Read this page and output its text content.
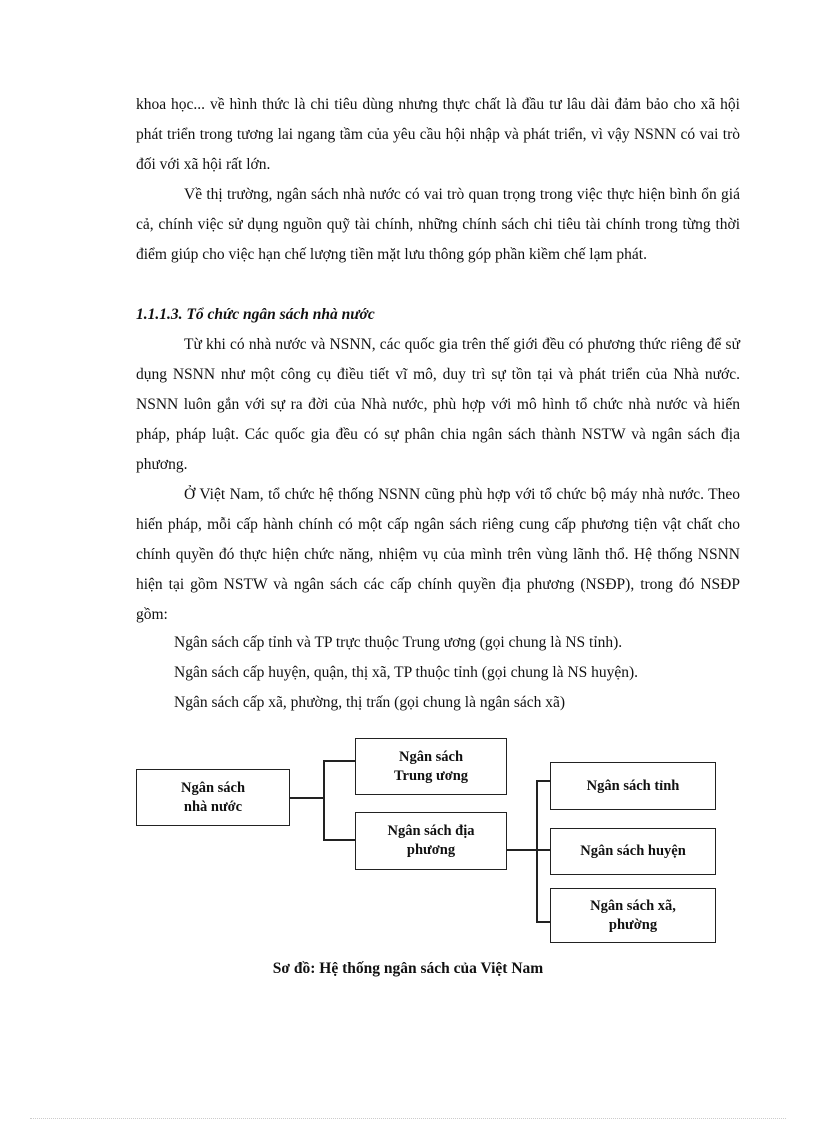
khoa học... về hình thức là chi tiêu dùng nhưng thực chất là đầu tư lâu dài đảm bảo cho xã hội phát triển trong tương lai ngang tầm của yêu cầu hội nhập và phát triển, vì vậy NSNN có vai trò đối với xã hội rất lớn.

Về thị trường, ngân sách nhà nước có vai trò quan trọng trong việc thực hiện bình ổn giá cả, chính việc sử dụng nguồn quỹ tài chính, những chính sách chi tiêu tài chính trong từng thời điểm giúp cho việc hạn chế lượng tiền mặt lưu thông góp phần kiềm chế lạm phát.

1.1.1.3. Tổ chức ngân sách nhà nước

Từ khi có nhà nước và NSNN, các quốc gia trên thế giới đều có phương thức riêng để sử dụng NSNN như một công cụ điều tiết vĩ mô, duy trì sự tồn tại và phát triển của Nhà nước. NSNN luôn gắn với sự ra đời của Nhà nước, phù hợp với mô hình tổ chức nhà nước và hiến pháp, pháp luật. Các quốc gia đều có sự phân chia ngân sách thành NSTW và ngân sách địa phương.

Ở Việt Nam, tổ chức hệ thống NSNN cũng phù hợp với tổ chức bộ máy nhà nước. Theo hiến pháp, mỗi cấp hành chính có một cấp ngân sách riêng cung cấp phương tiện vật chất cho chính quyền đó thực hiện chức năng, nhiệm vụ của mình trên vùng lãnh thổ. Hệ thống NSNN hiện tại gồm NSTW và ngân sách các cấp chính quyền địa phương (NSĐP), trong đó NSĐP gồm:

Ngân sách cấp tỉnh và TP trực thuộc Trung ương (gọi chung là NS tỉnh).

Ngân sách cấp huyện, quận, thị xã, TP thuộc tỉnh (gọi chung là NS huyện).

Ngân sách cấp xã, phường, thị trấn (gọi chung là ngân sách xã)

Ngân sách nhà nước
Ngân sách Trung ương
Ngân sách địa phương
Ngân sách tỉnh
Ngân sách huyện
Ngân sách xã, phường
Sơ đồ: Hệ thống ngân sách của Việt Nam
